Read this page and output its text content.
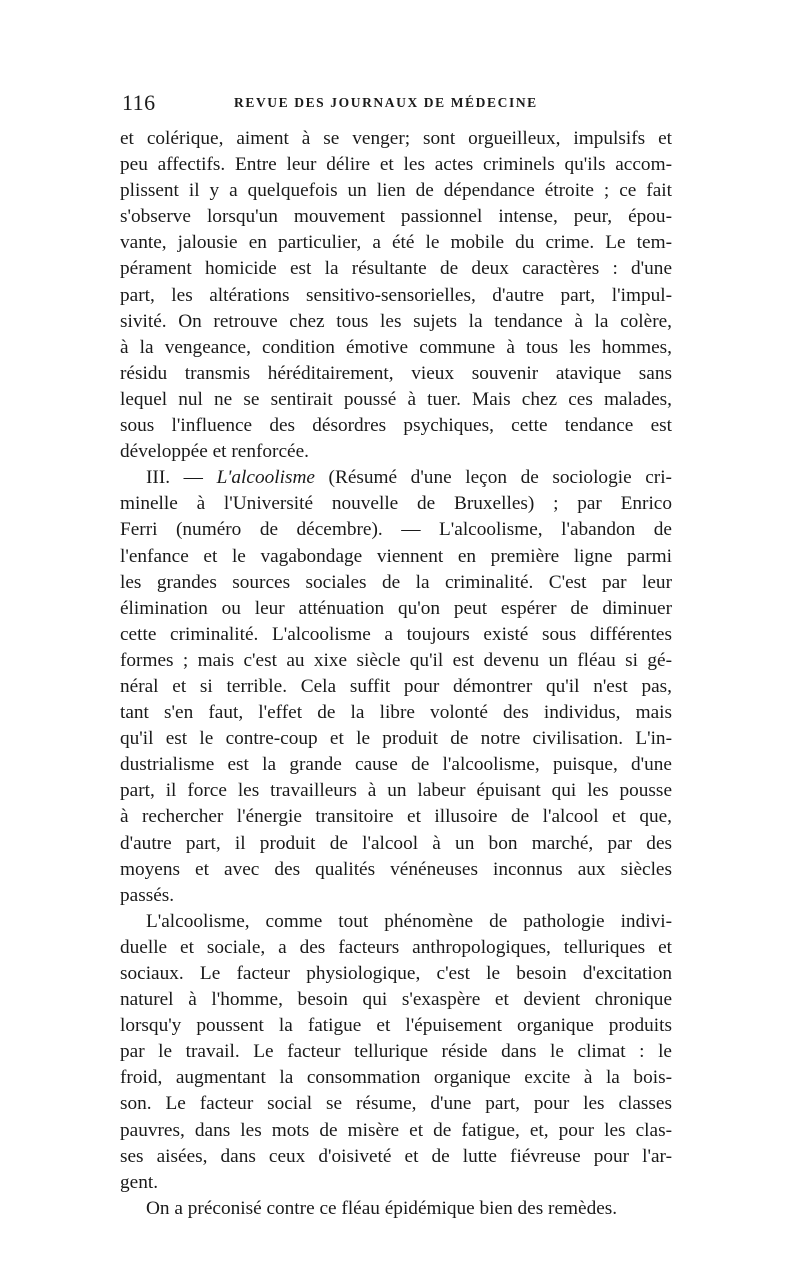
116	REVUE DES JOURNAUX DE MÉDECINE
et colérique, aiment à se venger; sont orgueilleux, impulsifs et
peu affectifs. Entre leur délire et les actes criminels qu'ils accom-
plissent il y a quelquefois un lien de dépendance étroite ; ce fait
s'observe lorsqu'un mouvement passionnel intense, peur, épou-
vante, jalousie en particulier, a été le mobile du crime. Le tem-
pérament homicide est la résultante de deux caractères : d'une
part, les altérations sensitivo-sensorielles, d'autre part, l'impul-
sivité. On retrouve chez tous les sujets la tendance à la colère,
à la vengeance, condition émotive commune à tous les hommes,
résidu transmis héréditairement, vieux souvenir atavique sans
lequel nul ne se sentirait poussé à tuer. Mais chez ces malades,
sous l'influence des désordres psychiques, cette tendance est
développée et renforcée.
III. — L'alcoolisme (Résumé d'une leçon de sociologie cri-
minelle à l'Université nouvelle de Bruxelles) ; par Enrico
Ferri (numéro de décembre). — L'alcoolisme, l'abandon de
l'enfance et le vagabondage viennent en première ligne parmi
les grandes sources sociales de la criminalité. C'est par leur
élimination ou leur atténuation qu'on peut espérer de diminuer
cette criminalité. L'alcoolisme a toujours existé sous différentes
formes ; mais c'est au xixe siècle qu'il est devenu un fléau si gé-
néral et si terrible. Cela suffit pour démontrer qu'il n'est pas,
tant s'en faut, l'effet de la libre volonté des individus, mais
qu'il est le contre-coup et le produit de notre civilisation. L'in-
dustrialisme est la grande cause de l'alcoolisme, puisque, d'une
part, il force les travailleurs à un labeur épuisant qui les pousse
à rechercher l'énergie transitoire et illusoire de l'alcool et que,
d'autre part, il produit de l'alcool à un bon marché, par des
moyens et avec des qualités vénéneuses inconnus aux siècles
passés.
L'alcoolisme, comme tout phénomène de pathologie indivi-
duelle et sociale, a des facteurs anthropologiques, telluriques et
sociaux. Le facteur physiologique, c'est le besoin d'excitation
naturel à l'homme, besoin qui s'exaspère et devient chronique
lorsqu'y poussent la fatigue et l'épuisement organique produits
par le travail. Le facteur tellurique réside dans le climat : le
froid, augmentant la consommation organique excite à la bois-
son. Le facteur social se résume, d'une part, pour les classes
pauvres, dans les mots de misère et de fatigue, et, pour les clas-
ses aisées, dans ceux d'oisiveté et de lutte fiévreuse pour l'ar-
gent.
On a préconisé contre ce fléau épidémique bien des remèdes.
